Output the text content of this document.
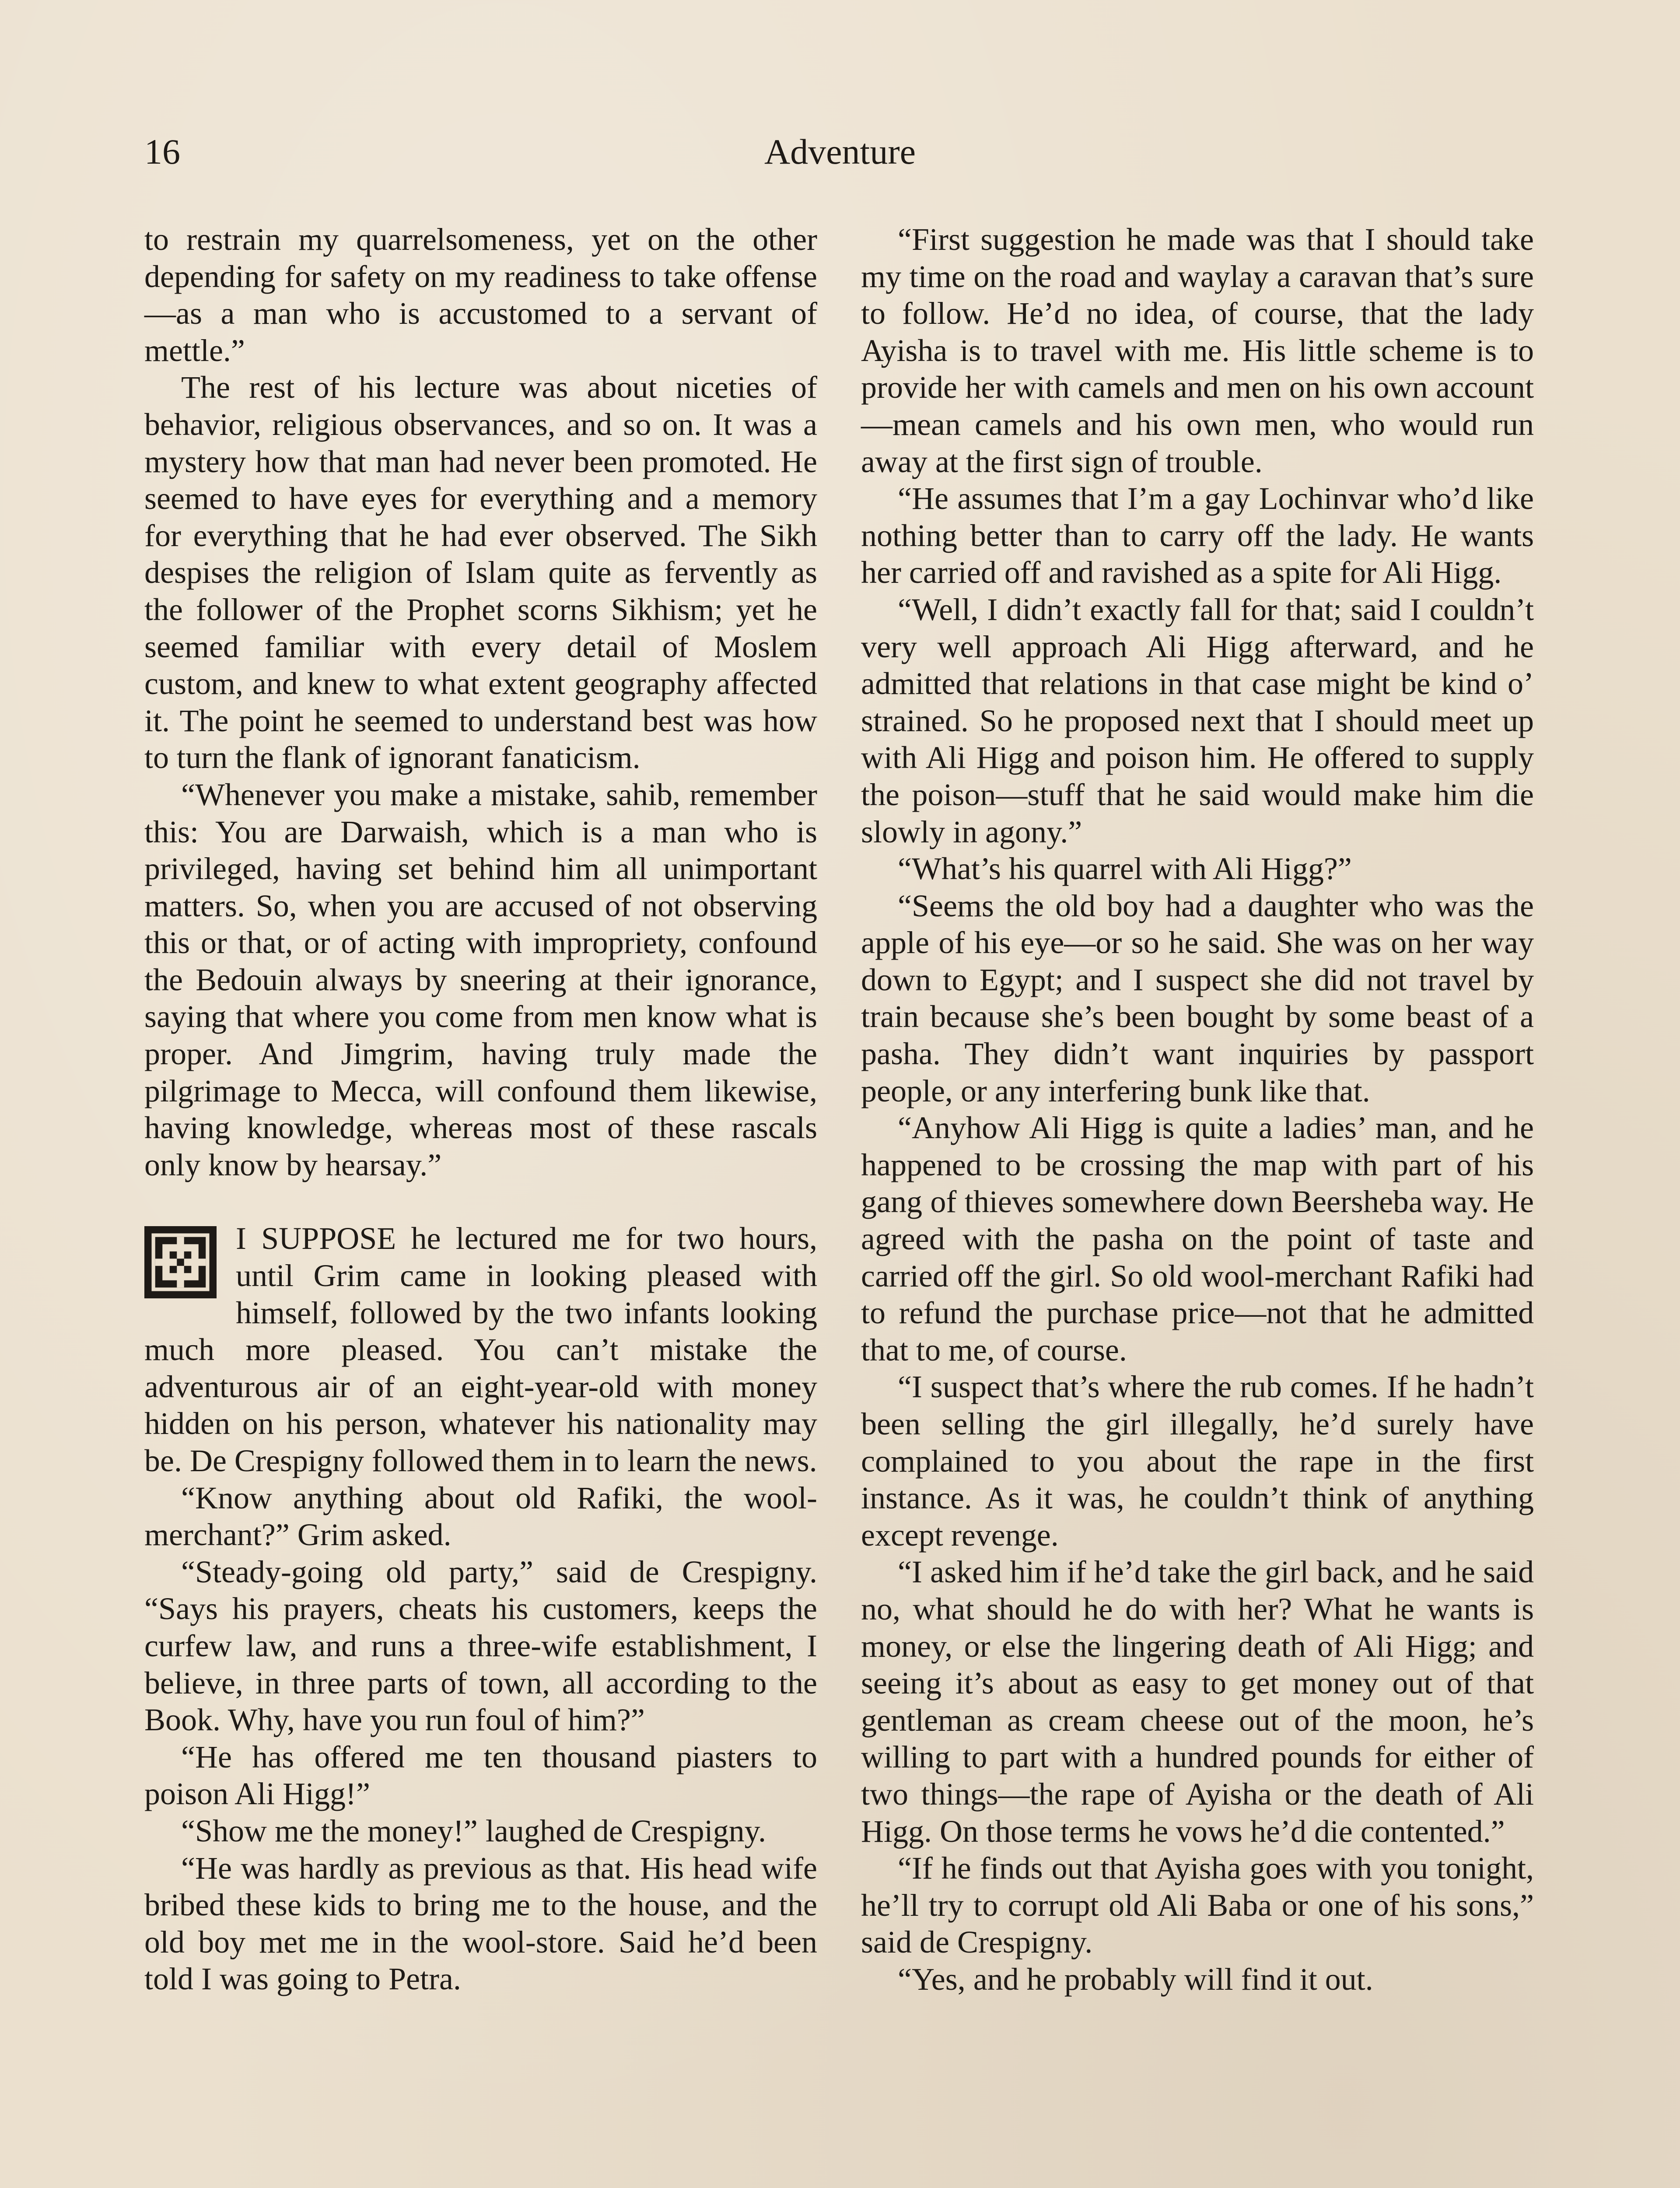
16	Adventure

to restrain my quarrelsomeness, yet on the other depending for safety on my readiness to take offense—as a man who is accustomed to a servant of mettle.”

The rest of his lecture was about niceties of behavior, religious observances, and so on. It was a mystery how that man had never been promoted. He seemed to have eyes for everything and a memory for everything that he had ever observed. The Sikh despises the religion of Islam quite as fervently as the follower of the Prophet scorns Sikhism; yet he seemed familiar with every detail of Moslem custom, and knew to what extent geography affected it. The point he seemed to understand best was how to turn the flank of ignorant fanaticism.

“Whenever you make a mistake, sahib, remember this: You are Darwaish, which is a man who is privileged, having set behind him all unimportant matters. So, when you are accused of not observing this or that, or of acting with impropriety, confound the Bedouin always by sneering at their ignorance, saying that where you come from men know what is proper. And Jimgrim, having truly made the pilgrimage to Mecca, will confound them likewise, having knowledge, whereas most of these rascals only know by hearsay.”

I SUPPOSE he lectured me for two hours, until Grim came in looking pleased with himself, followed by the two infants looking much more pleased. You can’t mistake the adventurous air of an eight-year-old with money hidden on his person, whatever his nationality may be. De Crespigny followed them in to learn the news.

“Know anything about old Rafiki, the wool-merchant?” Grim asked.

“Steady-going old party,” said de Crespigny. “Says his prayers, cheats his customers, keeps the curfew law, and runs a three-wife establishment, I believe, in three parts of town, all according to the Book. Why, have you run foul of him?”

“He has offered me ten thousand piasters to poison Ali Higg!”

“Show me the money!” laughed de Crespigny.

“He was hardly as previous as that. His head wife bribed these kids to bring me to the house, and the old boy met me in the wool-store. Said he’d been told I was going to Petra.

“First suggestion he made was that I should take my time on the road and waylay a caravan that’s sure to follow. He’d no idea, of course, that the lady Ayisha is to travel with me. His little scheme is to provide her with camels and men on his own account—mean camels and his own men, who would run away at the first sign of trouble.

“He assumes that I’m a gay Lochinvar who’d like nothing better than to carry off the lady. He wants her carried off and ravished as a spite for Ali Higg.

“Well, I didn’t exactly fall for that; said I couldn’t very well approach Ali Higg afterward, and he admitted that relations in that case might be kind o’ strained. So he proposed next that I should meet up with Ali Higg and poison him. He offered to supply the poison—stuff that he said would make him die slowly in agony.”

“What’s his quarrel with Ali Higg?”

“Seems the old boy had a daughter who was the apple of his eye—or so he said. She was on her way down to Egypt; and I suspect she did not travel by train because she’s been bought by some beast of a pasha. They didn’t want inquiries by passport people, or any interfering bunk like that.

“Anyhow Ali Higg is quite a ladies’ man, and he happened to be crossing the map with part of his gang of thieves somewhere down Beersheba way. He agreed with the pasha on the point of taste and carried off the girl. So old wool-merchant Rafiki had to refund the purchase price—not that he admitted that to me, of course.

“I suspect that’s where the rub comes. If he hadn’t been selling the girl illegally, he’d surely have complained to you about the rape in the first instance. As it was, he couldn’t think of anything except revenge.

“I asked him if he’d take the girl back, and he said no, what should he do with her? What he wants is money, or else the lingering death of Ali Higg; and seeing it’s about as easy to get money out of that gentleman as cream cheese out of the moon, he’s willing to part with a hundred pounds for either of two things—the rape of Ayisha or the death of Ali Higg. On those terms he vows he’d die contented.”

“If he finds out that Ayisha goes with you tonight, he’ll try to corrupt old Ali Baba or one of his sons,” said de Crespigny.

“Yes, and he probably will find it out.
